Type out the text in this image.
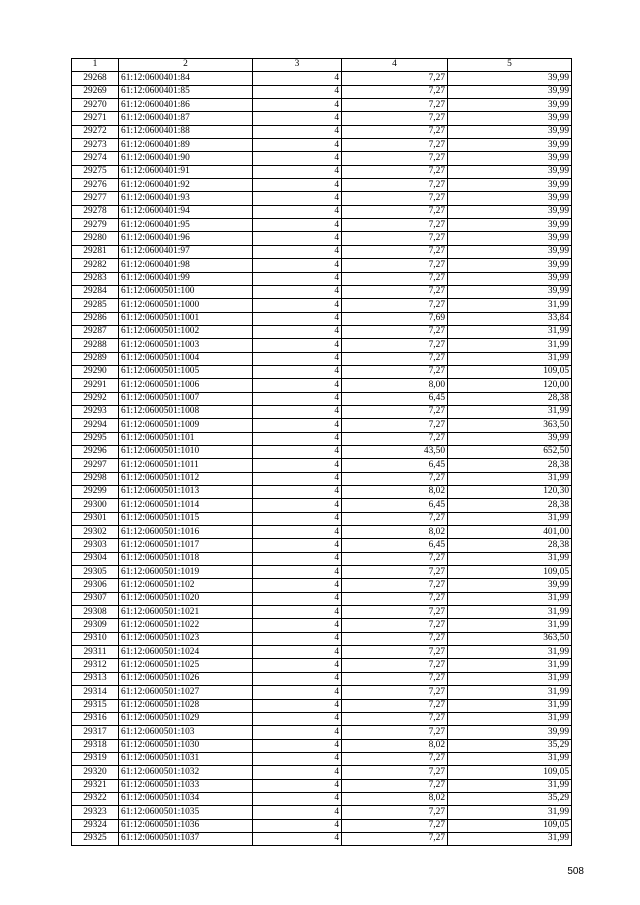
1	2	3	4	5
29268	61:12:0600401:84	4	7,27	39,99
29269	61:12:0600401:85	4	7,27	39,99
29270	61:12:0600401:86	4	7,27	39,99
29271	61:12:0600401:87	4	7,27	39,99
29272	61:12:0600401:88	4	7,27	39,99
29273	61:12:0600401:89	4	7,27	39,99
29274	61:12:0600401:90	4	7,27	39,99
29275	61:12:0600401:91	4	7,27	39,99
29276	61:12:0600401:92	4	7,27	39,99
29277	61:12:0600401:93	4	7,27	39,99
29278	61:12:0600401:94	4	7,27	39,99
29279	61:12:0600401:95	4	7,27	39,99
29280	61:12:0600401:96	4	7,27	39,99
29281	61:12:0600401:97	4	7,27	39,99
29282	61:12:0600401:98	4	7,27	39,99
29283	61:12:0600401:99	4	7,27	39,99
29284	61:12:0600501:100	4	7,27	39,99
29285	61:12:0600501:1000	4	7,27	31,99
29286	61:12:0600501:1001	4	7,69	33,84
29287	61:12:0600501:1002	4	7,27	31,99
29288	61:12:0600501:1003	4	7,27	31,99
29289	61:12:0600501:1004	4	7,27	31,99
29290	61:12:0600501:1005	4	7,27	109,05
29291	61:12:0600501:1006	4	8,00	120,00
29292	61:12:0600501:1007	4	6,45	28,38
29293	61:12:0600501:1008	4	7,27	31,99
29294	61:12:0600501:1009	4	7,27	363,50
29295	61:12:0600501:101	4	7,27	39,99
29296	61:12:0600501:1010	4	43,50	652,50
29297	61:12:0600501:1011	4	6,45	28,38
29298	61:12:0600501:1012	4	7,27	31,99
29299	61:12:0600501:1013	4	8,02	120,30
29300	61:12:0600501:1014	4	6,45	28,38
29301	61:12:0600501:1015	4	7,27	31,99
29302	61:12:0600501:1016	4	8,02	401,00
29303	61:12:0600501:1017	4	6,45	28,38
29304	61:12:0600501:1018	4	7,27	31,99
29305	61:12:0600501:1019	4	7,27	109,05
29306	61:12:0600501:102	4	7,27	39,99
29307	61:12:0600501:1020	4	7,27	31,99
29308	61:12:0600501:1021	4	7,27	31,99
29309	61:12:0600501:1022	4	7,27	31,99
29310	61:12:0600501:1023	4	7,27	363,50
29311	61:12:0600501:1024	4	7,27	31,99
29312	61:12:0600501:1025	4	7,27	31,99
29313	61:12:0600501:1026	4	7,27	31,99
29314	61:12:0600501:1027	4	7,27	31,99
29315	61:12:0600501:1028	4	7,27	31,99
29316	61:12:0600501:1029	4	7,27	31,99
29317	61:12:0600501:103	4	7,27	39,99
29318	61:12:0600501:1030	4	8,02	35,29
29319	61:12:0600501:1031	4	7,27	31,99
29320	61:12:0600501:1032	4	7,27	109,05
29321	61:12:0600501:1033	4	7,27	31,99
29322	61:12:0600501:1034	4	8,02	35,29
29323	61:12:0600501:1035	4	7,27	31,99
29324	61:12:0600501:1036	4	7,27	109,05
29325	61:12:0600501:1037	4	7,27	31,99
508
